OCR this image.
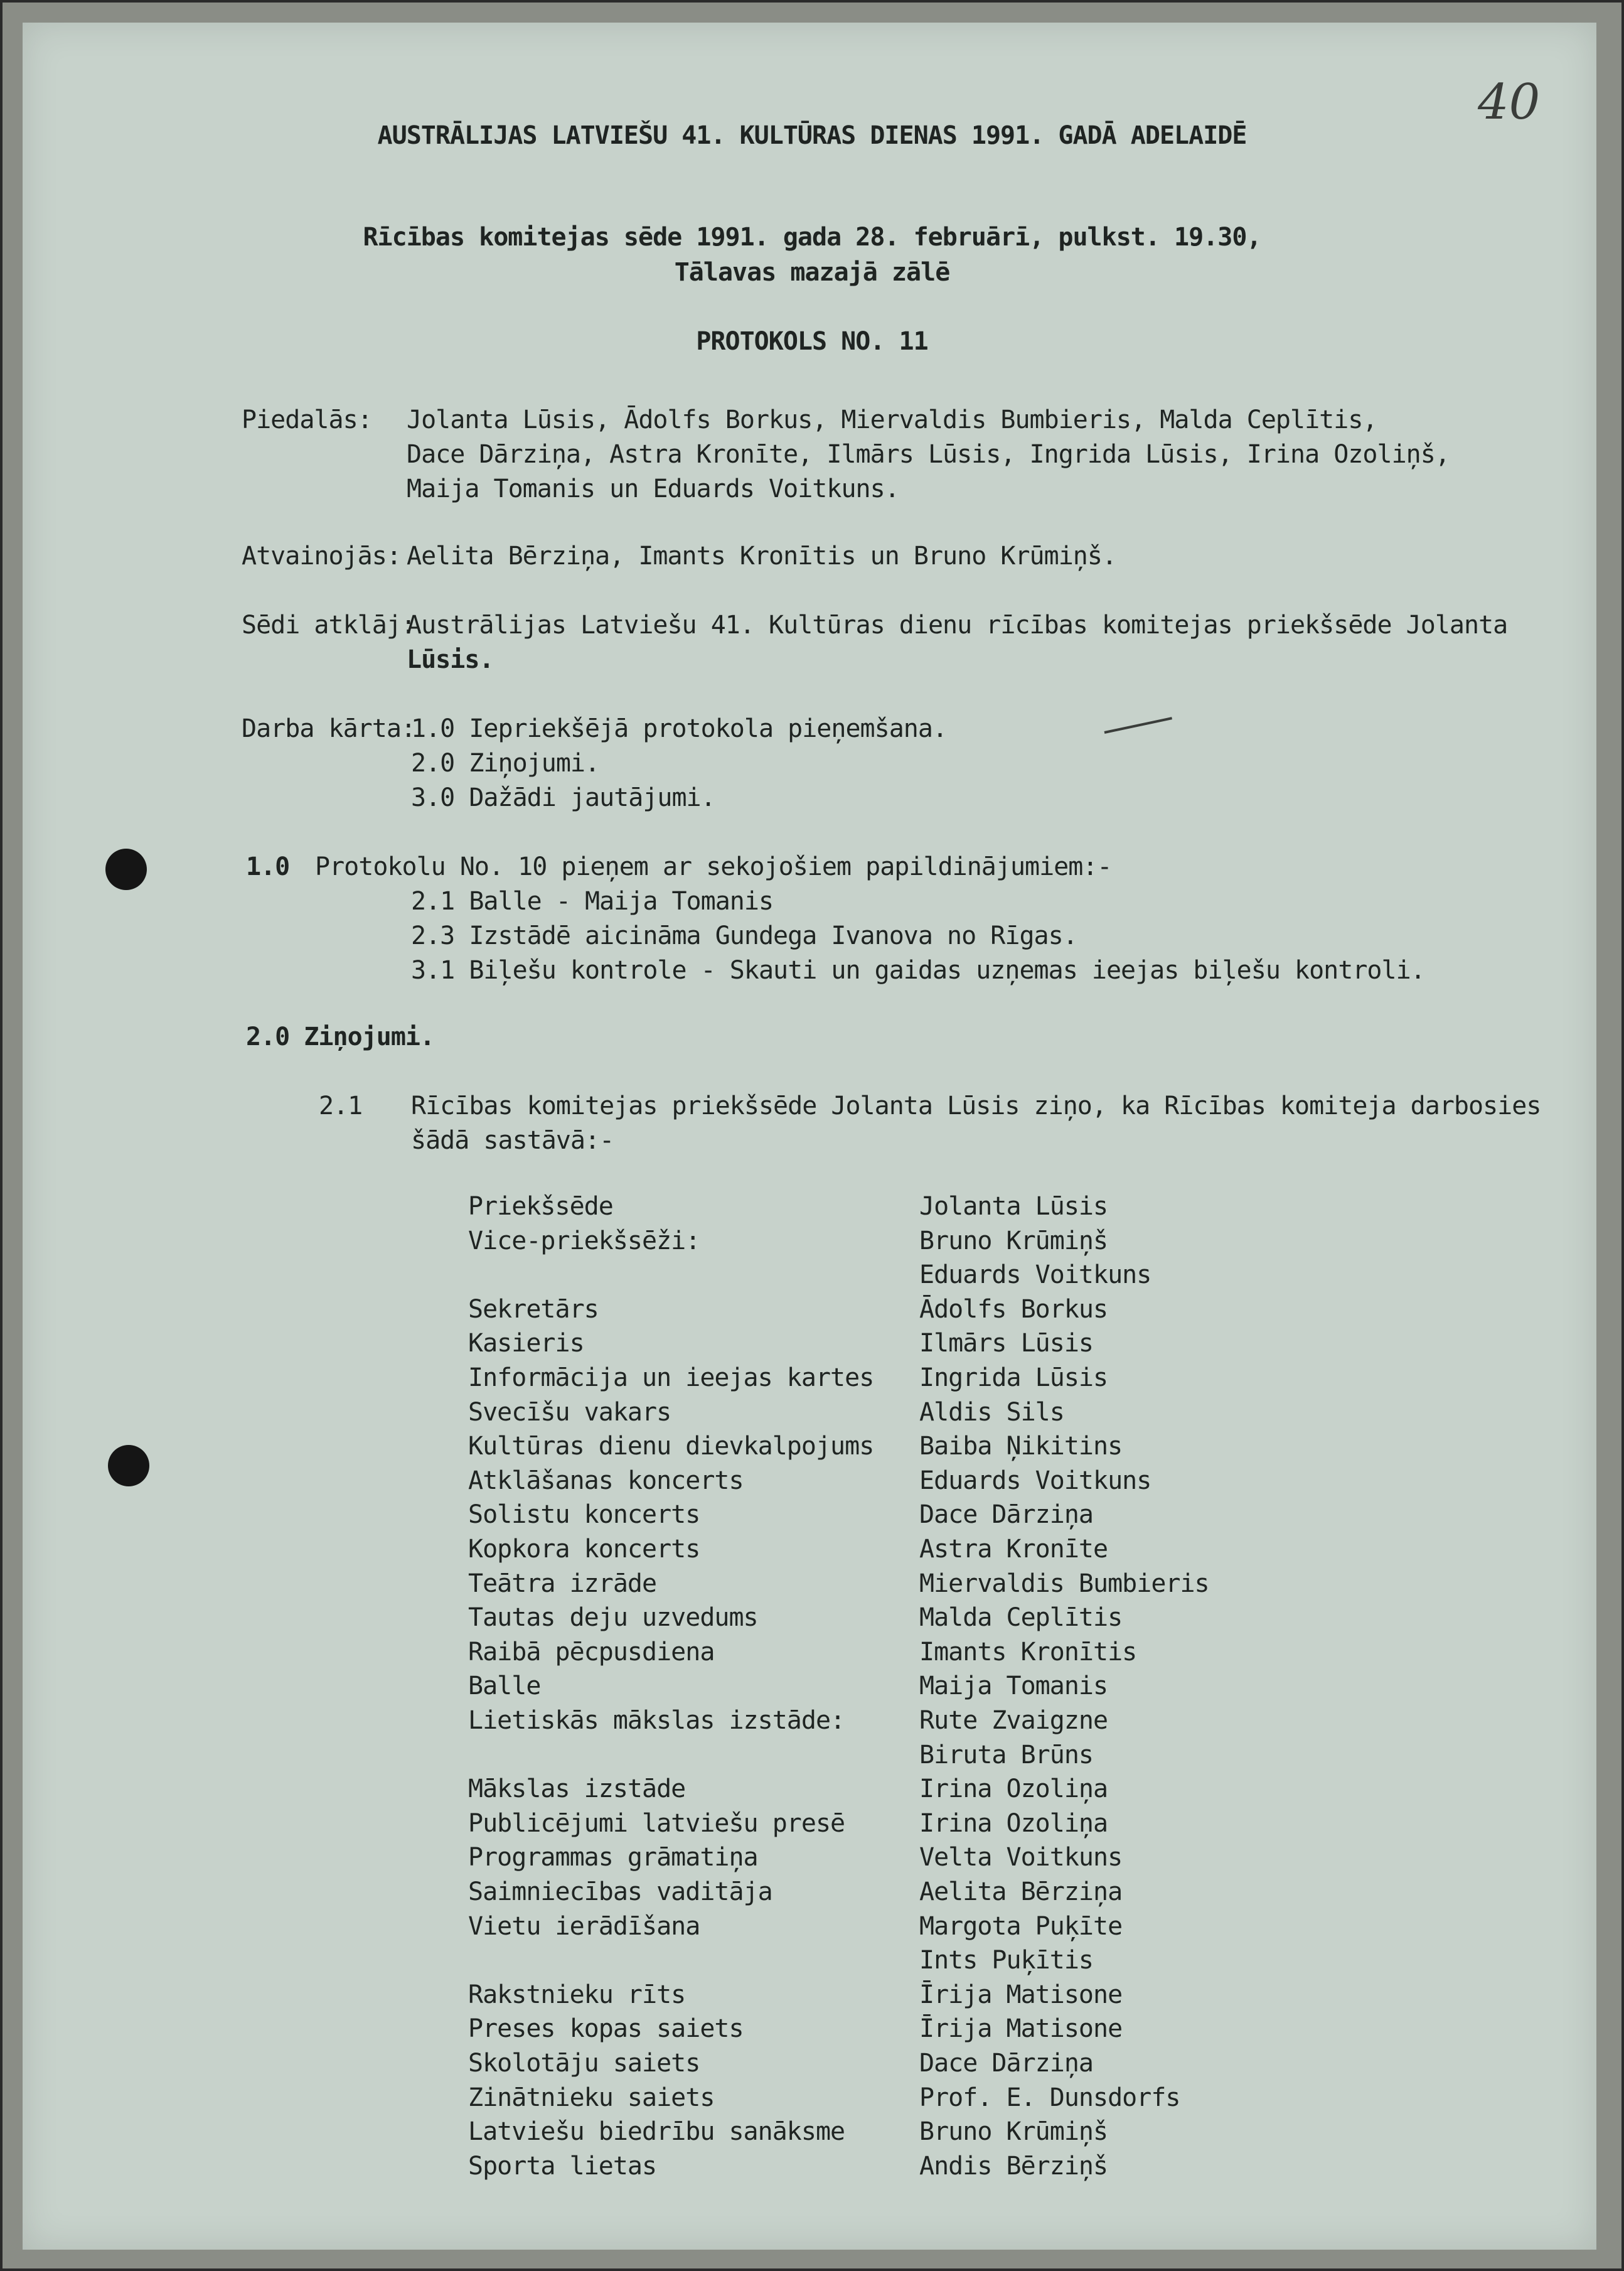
40
AUSTRĀLIJAS LATVIEŠU 41. KULTŪRAS DIENAS 1991. GADĀ ADELAIDĒ
Rīcības komitejas sēde 1991. gada 28. februārī, pulkst. 19.30,
Tālavas mazajā zālē
PROTOKOLS NO. 11
Piedalās: Jolanta Lūsis, Ādolfs Borkus, Miervaldis Bumbieris, Malda Ceplītis,
Dace Dārziņa, Astra Kronīte, Ilmārs Lūsis, Ingrida Lūsis, Irina Ozoliņš,
Maija Tomanis un Eduards Voitkuns.
Atvainojās: Aelita Bērziņa, Imants Kronītis un Bruno Krūmiņš.
Sēdi atklāj:
Austrālijas Latviešu 41. Kultūras dienu rīcības komitejas priekšsēde Jolanta
Lūsis.
Darba kārta:
1.0 Iepriekšējā protokola pieņemšana.
2.0 Ziņojumi.
3.0 Dažādi jautājumi.
1.0 Protokolu No. 10 pieņem ar sekojošiem papildinājumiem:-
2.1 Balle - Maija Tomanis
2.3 Izstādē aicināma Gundega Ivanova no Rīgas.
3.1 Biļešu kontrole - Skauti un gaidas uzņemas ieejas biļešu kontroli.
2.0 Ziņojumi.
2.1 Rīcības komitejas priekšsēde Jolanta Lūsis ziņo, ka Rīcības komiteja darbosies
šādā sastāvā:-
Priekšsēde	Jolanta Lūsis
Vice-priekšsēži:	Bruno Krūmiņš
Eduards Voitkuns
Sekretārs	Ādolfs Borkus
Kasieris	Ilmārs Lūsis
Informācija un ieejas kartes Ingrida Lūsis
Svecīšu vakars	Aldis Sils
Kultūras dienu dievkalpojums Baiba Ņikitins
Atklāšanas koncerts	Eduards Voitkuns
Solistu koncerts	Dace Dārziņa
Kopkora koncerts	Astra Kronīte
Teātra izrāde	Miervaldis Bumbieris
Tautas deju uzvedums	Malda Ceplītis
Raibā pēcpusdiena	Imants Kronītis
Balle	Maija Tomanis
Lietiskās mākslas izstāde:	Rute Zvaigzne
Biruta Brūns
Mākslas izstāde	Irina Ozoliņa
Publicējumi latviešu presē	Irina Ozoliņa
Programmas grāmatiņa	Velta Voitkuns
Saimniecības vaditāja	Aelita Bērziņa
Vietu ierādīšana	Margota Puķīte
Ints Puķītis
Rakstnieku rīts	Īrija Matisone
Preses kopas saiets	Īrija Matisone
Skolotāju saiets	Dace Dārziņa
Zinātnieku saiets	Prof. E. Dunsdorfs
Latviešu biedrību sanāksme	Bruno Krūmiņš
Sporta lietas	Andis Bērziņš
